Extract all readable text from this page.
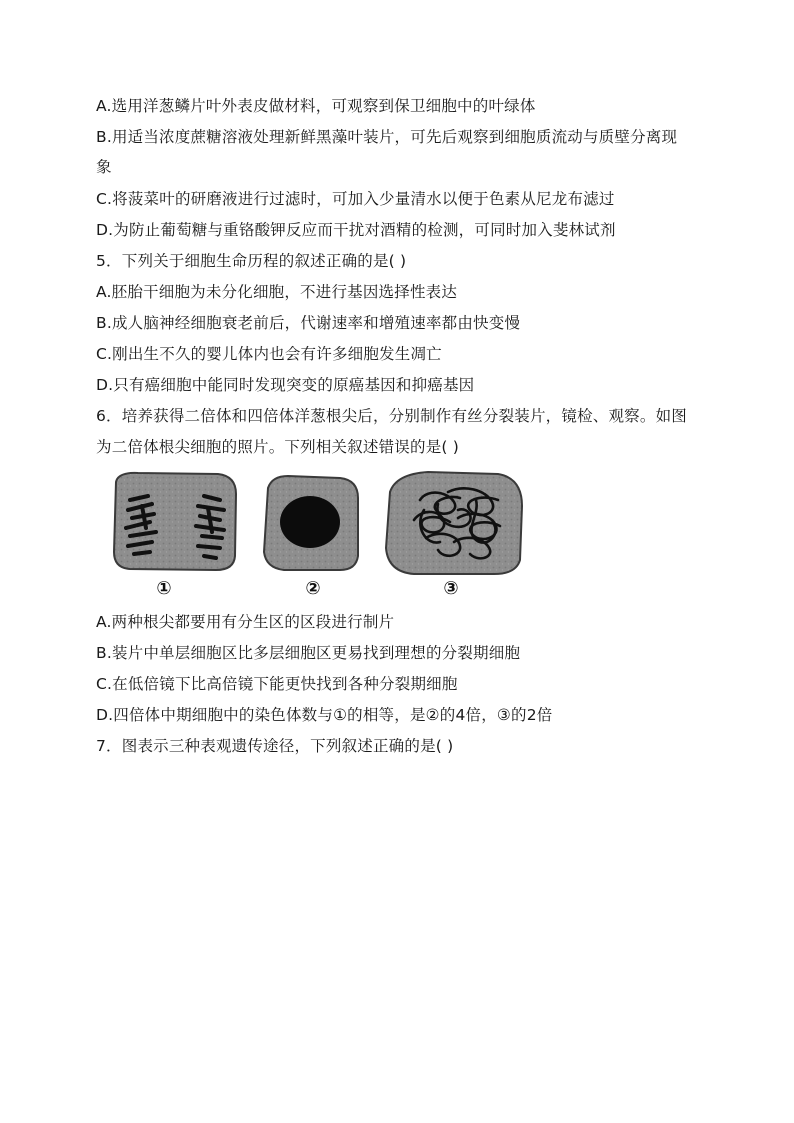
A.选用洋葱鳞片叶外表皮做材料，可观察到保卫细胞中的叶绿体
B.用适当浓度蔗糖溶液处理新鲜黑藻叶装片，可先后观察到细胞质流动与质壁分离现
象
C.将菠菜叶的研磨液进行过滤时，可加入少量清水以便于色素从尼龙布滤过
D.为防止葡萄糖与重铬酸钾反应而干扰对酒精的检测，可同时加入斐林试剂
5．下列关于细胞生命历程的叙述正确的是( )
A.胚胎干细胞为未分化细胞，不进行基因选择性表达
B.成人脑神经细胞衰老前后，代谢速率和增殖速率都由快变慢
C.刚出生不久的婴儿体内也会有许多细胞发生凋亡
D.只有癌细胞中能同时发现突变的原癌基因和抑癌基因
6．培养获得二倍体和四倍体洋葱根尖后，分别制作有丝分裂装片，镜检、观察。如图
为二倍体根尖细胞的照片。下列相关叙述错误的是( )
①	②	③
A.两种根尖都要用有分生区的区段进行制片
B.装片中单层细胞区比多层细胞区更易找到理想的分裂期细胞
C.在低倍镜下比高倍镜下能更快找到各种分裂期细胞
D.四倍体中期细胞中的染色体数与①的相等，是②的4倍，③的2倍
7．图表示三种表观遗传途径，下列叙述正确的是( )
